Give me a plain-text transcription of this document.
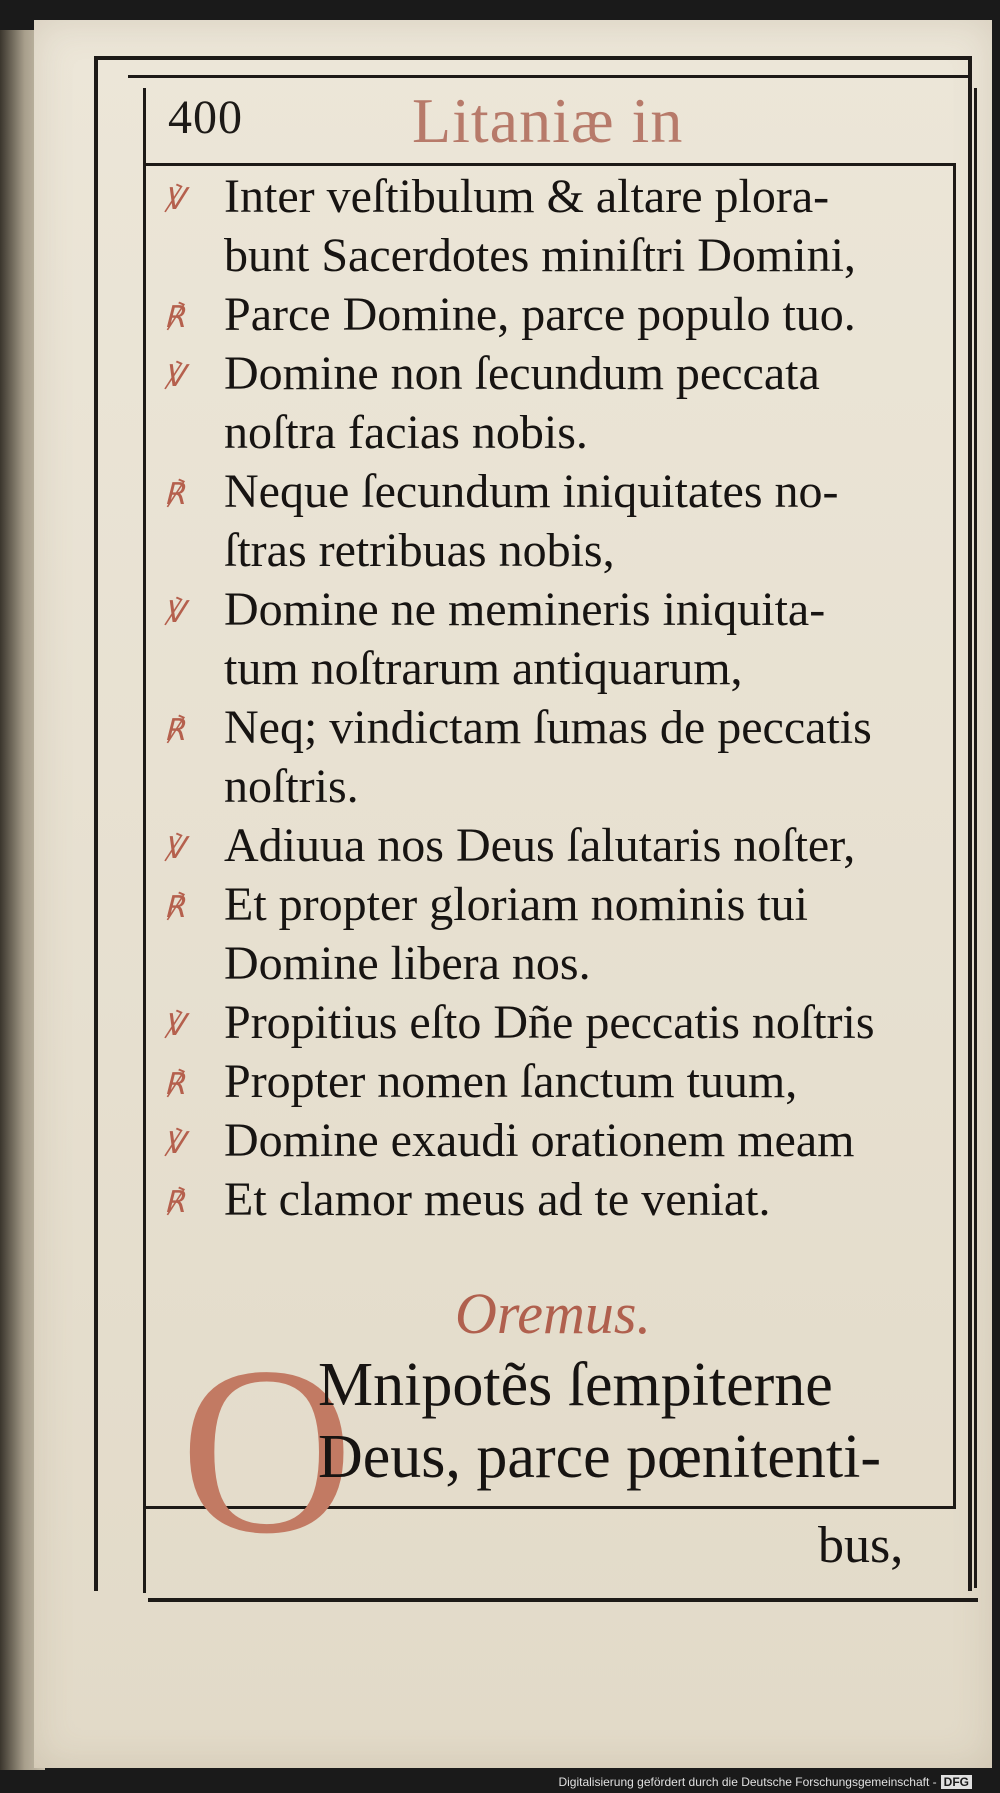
400	Litaniæ in
℣ Inter veſtibulum & altare plora-
bunt Sacerdotes miniſtri Domini,
℟ Parce Domine, parce populo tuo.
℣ Domine non ſecundum peccata
noſtra facias nobis.
℟ Neque ſecundum iniquitates no-
ſtras retribuas nobis,
℣ Domine ne memineris iniquita-
tum noſtrarum antiquarum,
℟ Neq; vindictam ſumas de peccatis
noſtris.
℣ Adiuua nos Deus ſalutaris noſter,
℟ Et propter gloriam nominis tui
Domine libera nos.
℣ Propitius eſto Dñe peccatis noſtris
℟ Propter nomen ſanctum tuum,
℣ Domine exaudi orationem meam
℟ Et clamor meus ad te veniat.
Oremus.
O
Mnipotẽs ſempiterne
Deus, parce pœnitenti-
bus,
Digitalisierung gefördert durch die Deutsche Forschungsgemeinschaft - DFG
